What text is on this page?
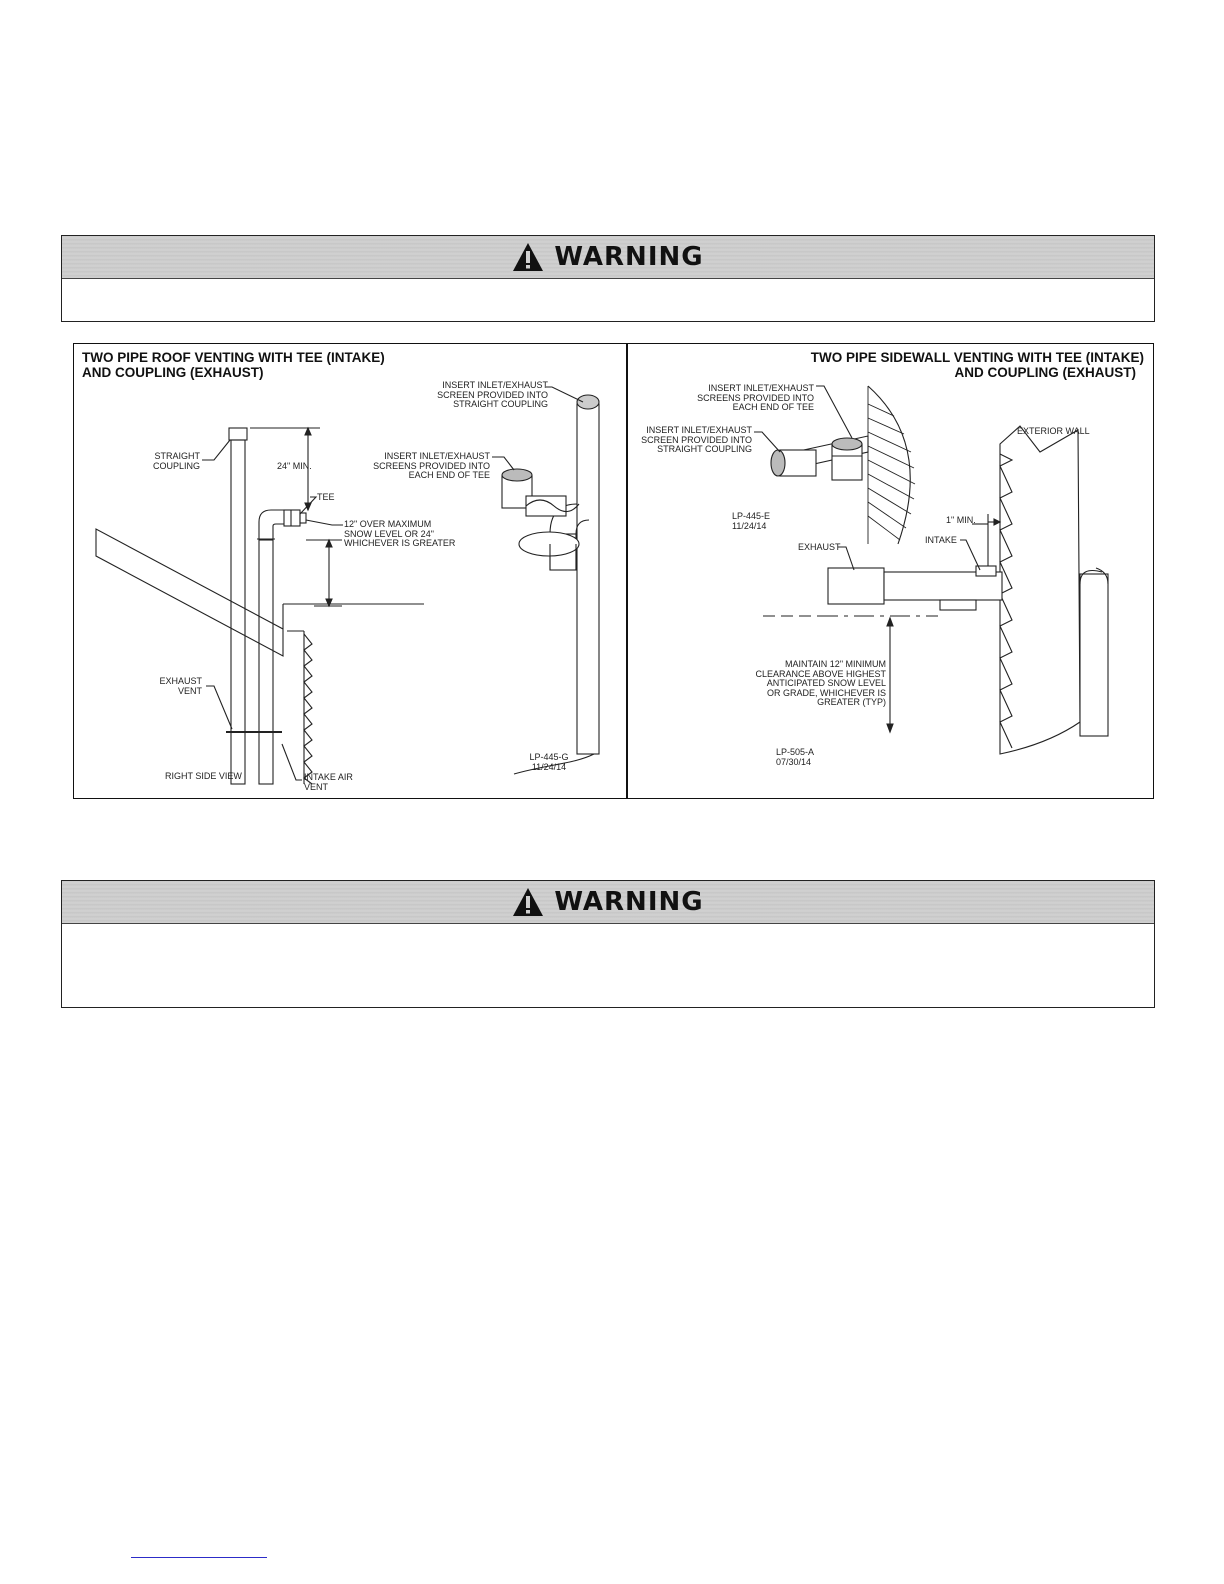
WARNING
TWO PIPE ROOF VENTING WITH TEE (INTAKE)
AND COUPLING (EXHAUST)
INSERT INLET/EXHAUST
SCREEN PROVIDED INTO
STRAIGHT COUPLING
INSERT INLET/EXHAUST
SCREENS PROVIDED INTO
EACH END OF TEE
STRAIGHT
COUPLING	24" MIN.
TEE
12" OVER MAXIMUM
SNOW LEVEL OR 24"
WHICHEVER IS GREATER
EXHAUST
VENT
RIGHT SIDE VIEW	INTAKE AIR
VENT
LP-445-G
11/24/14
TWO PIPE SIDEWALL VENTING WITH TEE (INTAKE)
AND COUPLING (EXHAUST)
INSERT INLET/EXHAUST
SCREENS PROVIDED INTO
EACH END OF TEE
INSERT INLET/EXHAUST
SCREEN PROVIDED INTO
STRAIGHT COUPLING
EXTERIOR WALL
LP-445-E
11/24/14
1" MIN.
EXHAUST
INTAKE
MAINTAIN 12" MINIMUM
CLEARANCE ABOVE HIGHEST
ANTICIPATED SNOW LEVEL
OR GRADE, WHICHEVER IS
GREATER (TYP)
LP-505-A
07/30/14
WARNING
